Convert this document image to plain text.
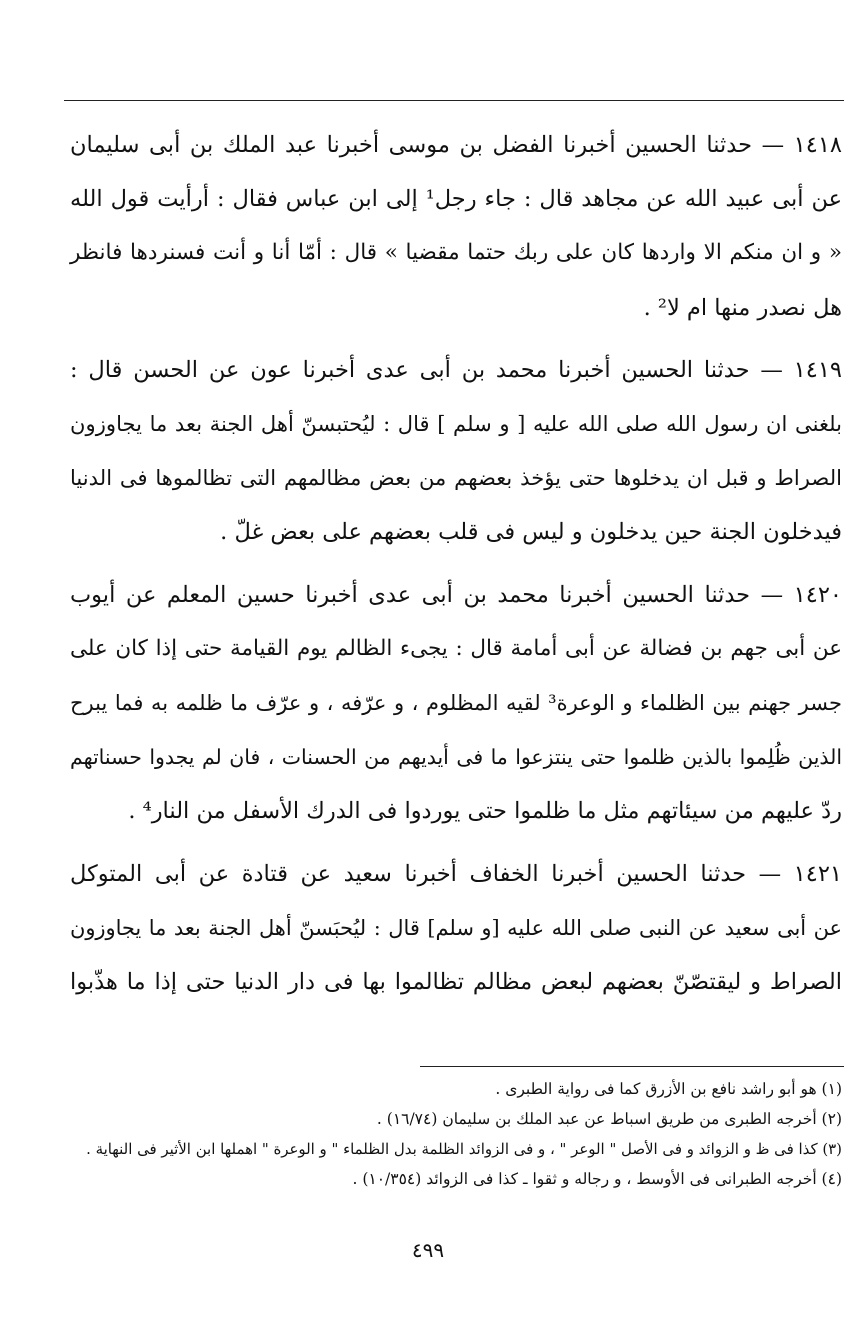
١٤١٨ — حدثنا الحسين أخبرنا الفضل بن موسى أخبرنا عبد الملك بن أبى سليمان
عن أبى عبيد الله عن مجاهد قال : جاء رجل¹ إلى ابن عباس فقال : أرأيت قول الله
« و ان منكم الا واردها كان على ربك حتما مقضيا » قال : أمّا أنا و أنت فسنردها فانظر
هل نصدر منها ام لا² .
١٤١٩ — حدثنا الحسين أخبرنا محمد بن أبى عدى أخبرنا عون عن الحسن قال :
بلغنى ان رسول الله صلى الله عليه [ و سلم ] قال : ليُحتبسنّ أهل الجنة بعد ما يجاوزون
الصراط و قبل ان يدخلوها حتى يؤخذ بعضهم من بعض مظالمهم التى تظالموها فى الدنيا
فيدخلون الجنة حين يدخلون و ليس فى قلب بعضهم على بعض غلّ .
١٤٢٠ — حدثنا الحسين أخبرنا محمد بن أبى عدى أخبرنا حسين المعلم عن أيوب
عن أبى جهم بن فضالة عن أبى أمامة قال : يجىء الظالم يوم القيامة حتى إذا كان على
جسر جهنم بين الظلماء و الوعرة³ لقيه المظلوم ، و عرّفه ، و عرّف ما ظلمه به فما يبرح
الذين ظُلِموا بالذين ظلموا حتى ينتزعوا ما فى أيديهم من الحسنات ، فان لم يجدوا حسناتهم
ردّ عليهم من سيئاتهم مثل ما ظلموا حتى يوردوا فى الدرك الأسفل من النار⁴ .
١٤٢١ — حدثنا الحسين أخبرنا الخفاف أخبرنا سعيد عن قتادة عن أبى المتوكل
عن أبى سعيد عن النبى صلى الله عليه [و سلم] قال : ليُحبَسنّ أهل الجنة بعد ما يجاوزون
الصراط و ليقتصّنّ بعضهم لبعض مظالم تظالموا بها فى دار الدنيا حتى إذا ما هذّبوا
(١) هو أبو راشد نافع بن الأزرق كما فى رواية الطبرى .
(٢) أخرجه الطبرى من طريق اسباط عن عبد الملك بن سليمان (١٦/٧٤) .
(٣) كذا فى ظ و الزوائد و فى الأصل " الوعر " ، و فى الزوائد الظلمة بدل الظلماء " و الوعرة " اهملها ابن الأثير فى النهاية .
(٤) أخرجه الطبرانى فى الأوسط ، و رجاله و ثقوا ـ كذا فى الزوائد (١٠/٣٥٤) .
٤٩٩
